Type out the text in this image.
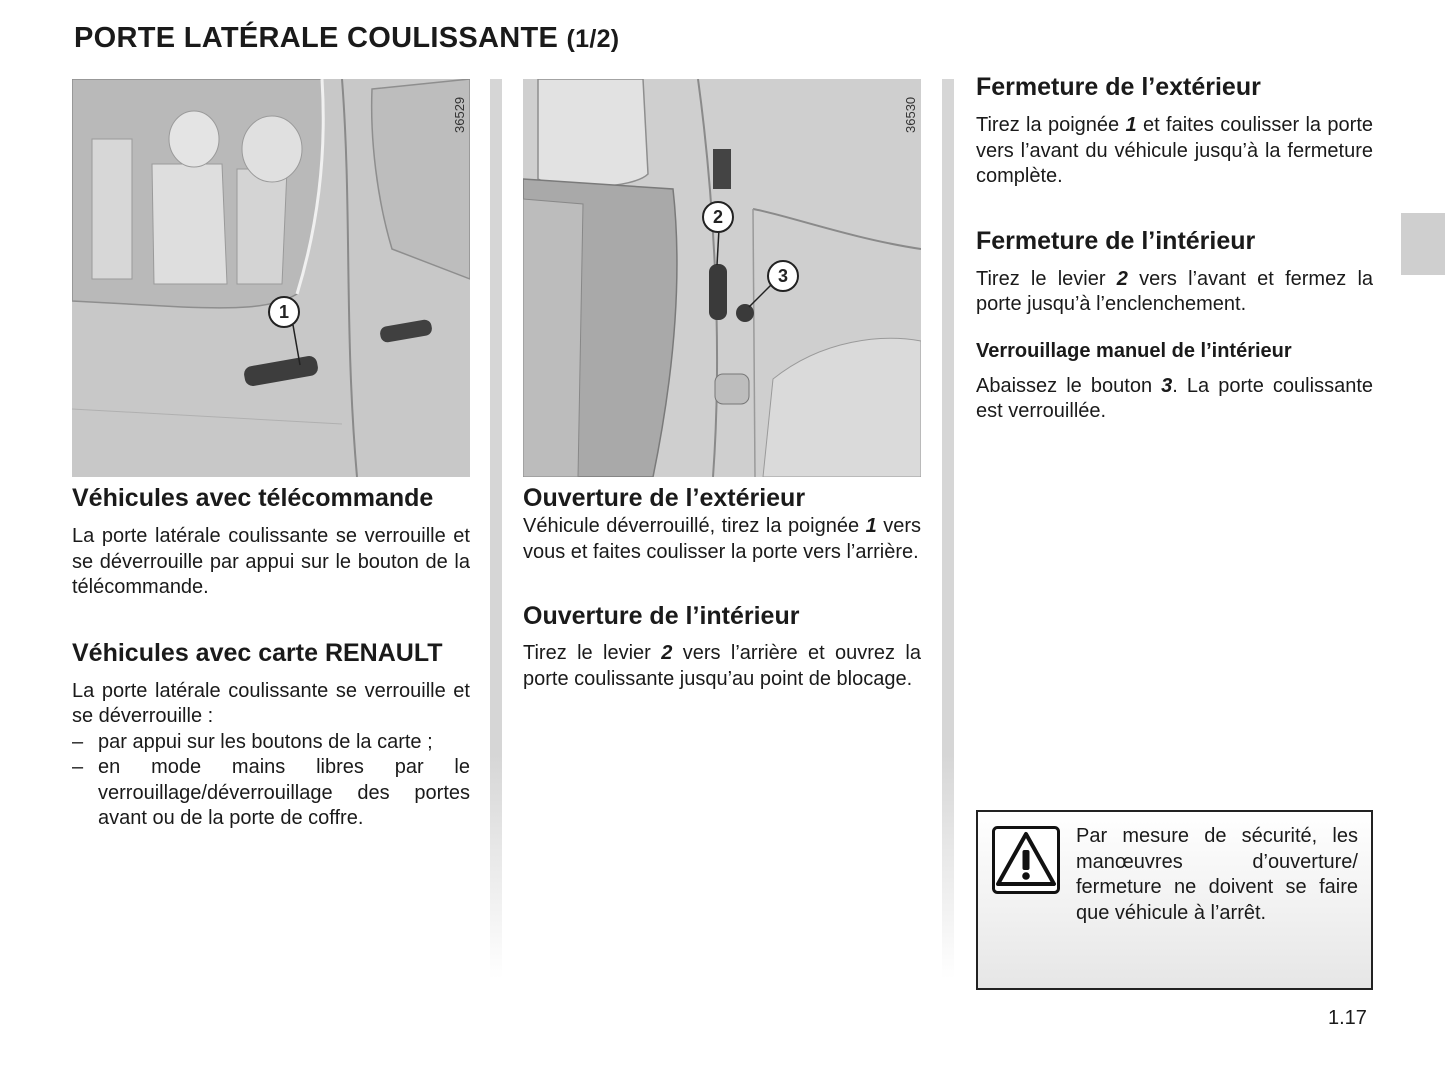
PORTE LATÉRALE COULISSANTE (1/2)
36529
1
Véhicules avec télécommande

La porte latérale coulissante se verrouille et se déverrouille par appui sur le bouton de la télécommande.

Véhicules avec carte RENAULT

La porte latérale coulissante se verrouille et se déverrouille :

– par appui sur les boutons de la carte ;
– en mode mains libres par le verrouillage/déverrouillage des portes avant ou de la porte de coffre.
36530
2
3
Ouverture de l’extérieur

Véhicule déverrouillé, tirez la poignée 1 vers vous et faites coulisser la porte vers l’arrière.

Ouverture de l’intérieur

Tirez le levier 2 vers l’arrière et ouvrez la porte coulissante jusqu’au point de blocage.

Fermeture de l’extérieur

Tirez la poignée 1 et faites coulisser la porte vers l’avant du véhicule jusqu’à la fermeture complète.

Fermeture de l’intérieur

Tirez le levier 2 vers l’avant et fermez la porte jusqu’à l’enclenchement.

Verrouillage manuel de l’intérieur

Abaissez le bouton 3. La porte coulissante est verrouillée.

Par mesure de sécurité, les manœuvres d’ouverture/ fermeture ne doivent se faire que véhicule à l’arrêt.

1.17
